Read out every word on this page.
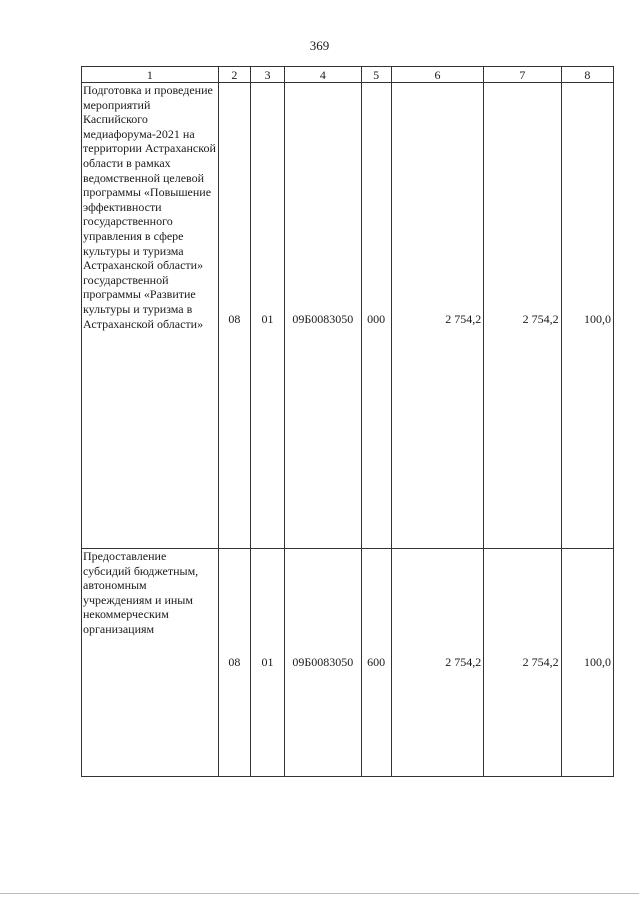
369
1	2	3	4	5	6	7	8

Подготовка и проведение мероприятий Каспийского медиафорума-2021 на территории Астраханской области в рамках ведомственной целевой программы «Повышение эффективности государственного управления в сфере культуры и туризма Астраханской области» государственной программы «Развитие культуры и туризма в Астраханской области»	08	01	09Б0083050	000	2 754,2	2 754,2	100,0

Предоставление субсидий бюджетным, автономным учреждениям и иным некоммерческим организациям	08	01	09Б0083050	600	2 754,2	2 754,2	100,0
